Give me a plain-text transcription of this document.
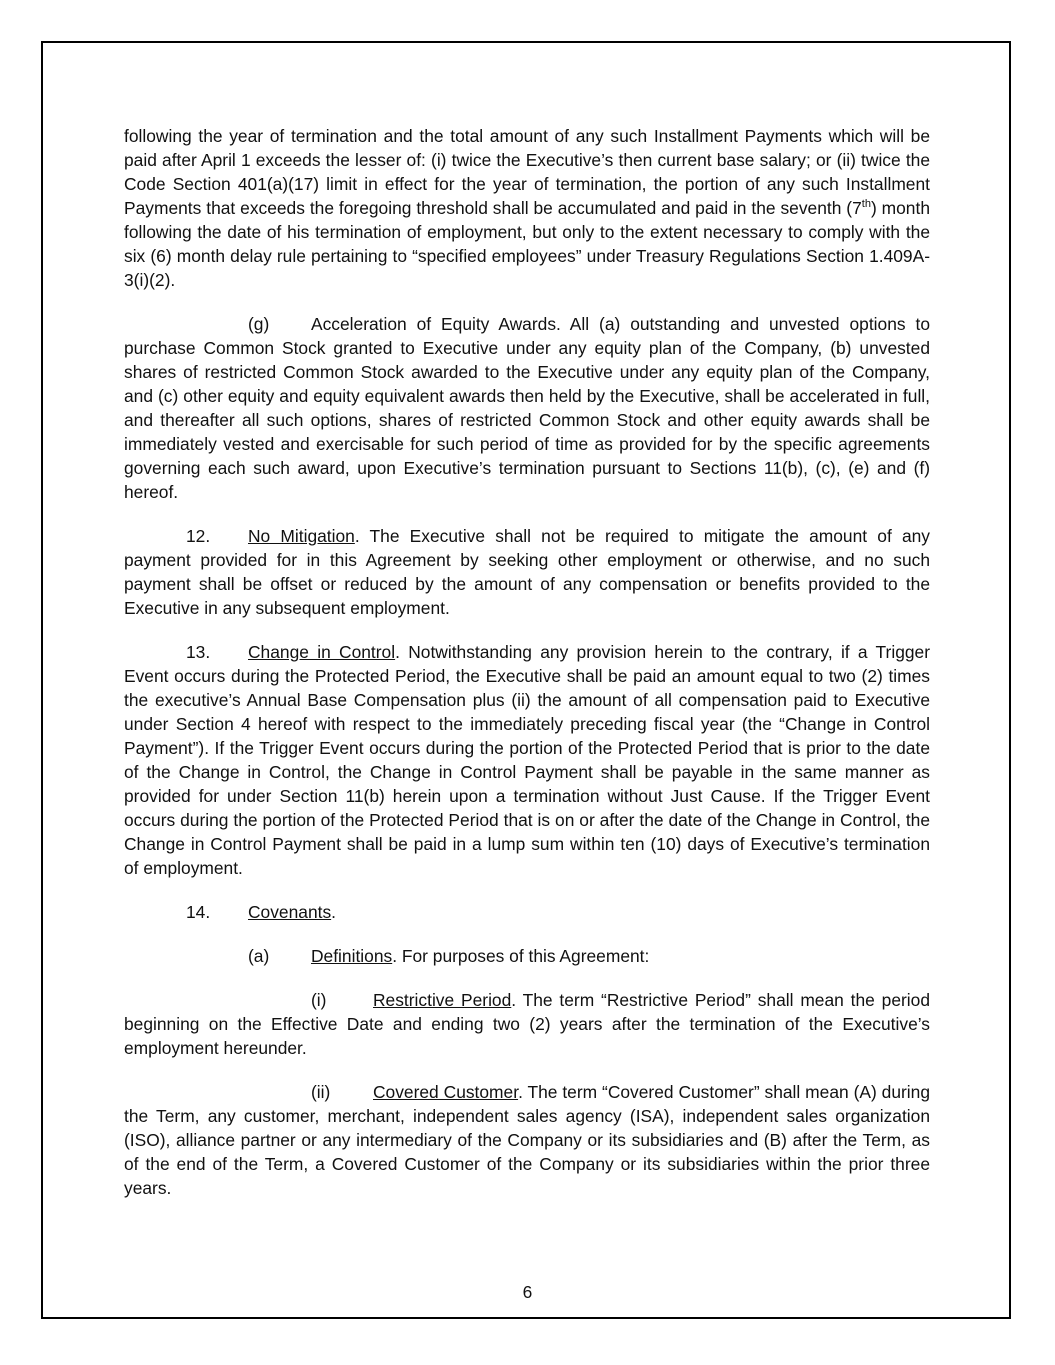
following the year of termination and the total amount of any such Installment Payments which will be paid after April 1 exceeds the lesser of: (i) twice the Executive’s then current base salary; or (ii) twice the Code Section 401(a)(17) limit in effect for the year of termination, the portion of any such Installment Payments that exceeds the foregoing threshold shall be accumulated and paid in the seventh (7th) month following the date of his termination of employment, but only to the extent necessary to comply with the six (6) month delay rule pertaining to “specified employees” under Treasury Regulations Section 1.409A-3(i)(2).

(g) Acceleration of Equity Awards. All (a) outstanding and unvested options to purchase Common Stock granted to Executive under any equity plan of the Company, (b) unvested shares of restricted Common Stock awarded to the Executive under any equity plan of the Company, and (c) other equity and equity equivalent awards then held by the Executive, shall be accelerated in full, and thereafter all such options, shares of restricted Common Stock and other equity awards shall be immediately vested and exercisable for such period of time as provided for by the specific agreements governing each such award, upon Executive’s termination pursuant to Sections 11(b), (c), (e) and (f) hereof.

12. No Mitigation. The Executive shall not be required to mitigate the amount of any payment provided for in this Agreement by seeking other employment or otherwise, and no such payment shall be offset or reduced by the amount of any compensation or benefits provided to the Executive in any subsequent employment.

13. Change in Control. Notwithstanding any provision herein to the contrary, if a Trigger Event occurs during the Protected Period, the Executive shall be paid an amount equal to two (2) times the executive’s Annual Base Compensation plus (ii) the amount of all compensation paid to Executive under Section 4 hereof with respect to the immediately preceding fiscal year (the “Change in Control Payment”). If the Trigger Event occurs during the portion of the Protected Period that is prior to the date of the Change in Control, the Change in Control Payment shall be payable in the same manner as provided for under Section 11(b) herein upon a termination without Just Cause. If the Trigger Event occurs during the portion of the Protected Period that is on or after the date of the Change in Control, the Change in Control Payment shall be paid in a lump sum within ten (10) days of Executive’s termination of employment.

14. Covenants.

(a) Definitions. For purposes of this Agreement:

(i)	Restrictive Period. The term “Restrictive Period” shall mean the period beginning on the Effective Date and ending two (2) years after the termination of the Executive’s employment hereunder.

(ii) Covered Customer. The term “Covered Customer” shall mean (A) during the Term, any customer, merchant, independent sales agency (ISA), independent sales organization (ISO), alliance partner or any intermediary of the Company or its subsidiaries and (B) after the Term, as of the end of the Term, a Covered Customer of the Company or its subsidiaries within the prior three years.

6
